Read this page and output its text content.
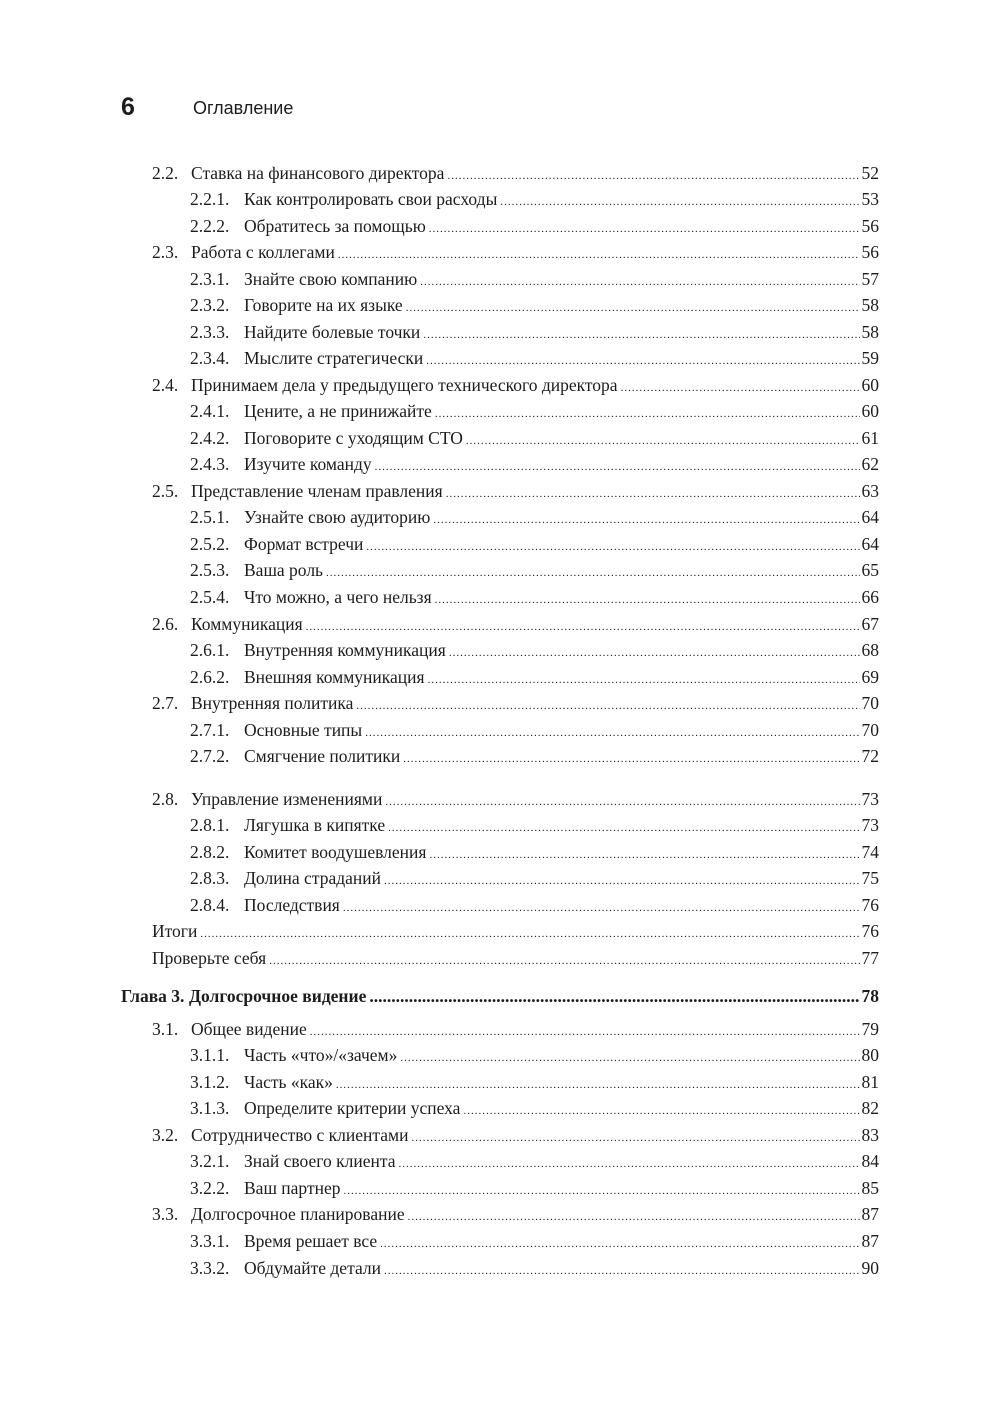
6	Оглавление
2.2. Ставка на финансового директора .....	52
2.2.1. Как контролировать свои расходы .....	53
2.2.2. Обратитесь за помощью .....	56
2.3. Работа с коллегами .....	56
2.3.1. Знайте свою компанию .....	57
2.3.2. Говорите на их языке .....	58
2.3.3. Найдите болевые точки .....	58
2.3.4. Мыслите стратегически .....	59
2.4. Принимаем дела у предыдущего технического директора .....	60
2.4.1. Цените, а не принижайте .....	60
2.4.2. Поговорите с уходящим СТО .....	61
2.4.3. Изучите команду .....	62
2.5. Представление членам правления .....	63
2.5.1. Узнайте свою аудиторию .....	64
2.5.2. Формат встречи .....	64
2.5.3. Ваша роль .....	65
2.5.4. Что можно, а чего нельзя .....	66
2.6. Коммуникация .....	67
2.6.1. Внутренняя коммуникация .....	68
2.6.2. Внешняя коммуникация .....	69
2.7. Внутренняя политика .....	70
2.7.1. Основные типы .....	70
2.7.2. Смягчение политики .....	72
2.8. Управление изменениями .....	73
2.8.1. Лягушка в кипятке .....	73
2.8.2. Комитет воодушевления .....	74
2.8.3. Долина страданий .....	75
2.8.4. Последствия .....	76
Итоги .....	76
Проверьте себя .....	77
Глава 3. Долгосрочное видение .....	78
3.1. Общее видение .....	79
3.1.1. Часть «что»/«зачем» .....	80
3.1.2. Часть «как» .....	81
3.1.3. Определите критерии успеха .....	82
3.2. Сотрудничество с клиентами .....	83
3.2.1. Знай своего клиента .....	84
3.2.2. Ваш партнер .....	85
3.3. Долгосрочное планирование .....	87
3.3.1. Время решает все .....	87
3.3.2. Обдумайте детали .....	90
